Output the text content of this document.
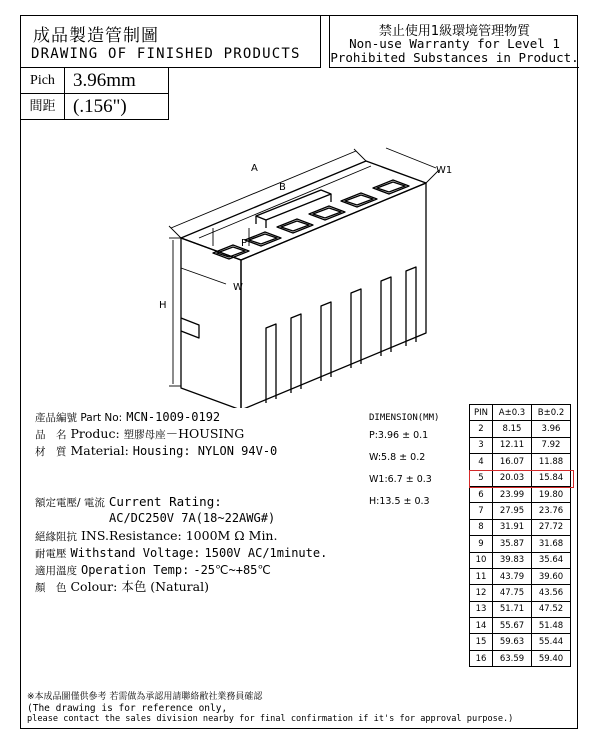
成品製造管制圖
DRAWING OF FINISHED PRODUCTS
禁止使用1級環境管理物質
Non-use Warranty for Level 1
Prohibited Substances in Product.
Pich 3.96mm
間距 (.156")
A
B
W1
P
W
H
產品編號 Part No: MCN-1009-0192
品　名 Produc: 塑膠母座－HOUSING
材　質 Material: Housing: NYLON 94V-0
額定電壓/ 電流 Current Rating:
AC/DC250V 7A(18~22AWG#)
絕緣阻抗 INS.Resistance: 1000M Ω Min.
耐電壓 Withstand Voltage: 1500V AC/1minute.
適用溫度 Operation Temp: -25℃~+85℃
顏　色 Colour: 本色 (Natural)
DIMENSION(MM)
P:3.96 ± 0.1
W:5.8 ± 0.2
W1:6.7 ± 0.3
H:13.5 ± 0.3
PIN	A±0.3	B±0.2
2	8.15	3.96
3	12.11	7.92
4	16.07	11.88
5	20.03	15.84
6	23.99	19.80
7	27.95	23.76
8	31.91	27.72
9	35.87	31.68
10	39.83	35.64
11	43.79	39.60
12	47.75	43.56
13	51.71	47.52
14	55.67	51.48
15	59.63	55.44
16	63.59	59.40
※本成品圖僅供參考 若需做為承認用請聯絡敝社業務員確認
(The drawing is for reference only,
please contact the sales division nearby for final confirmation if it's for approval purpose.)
